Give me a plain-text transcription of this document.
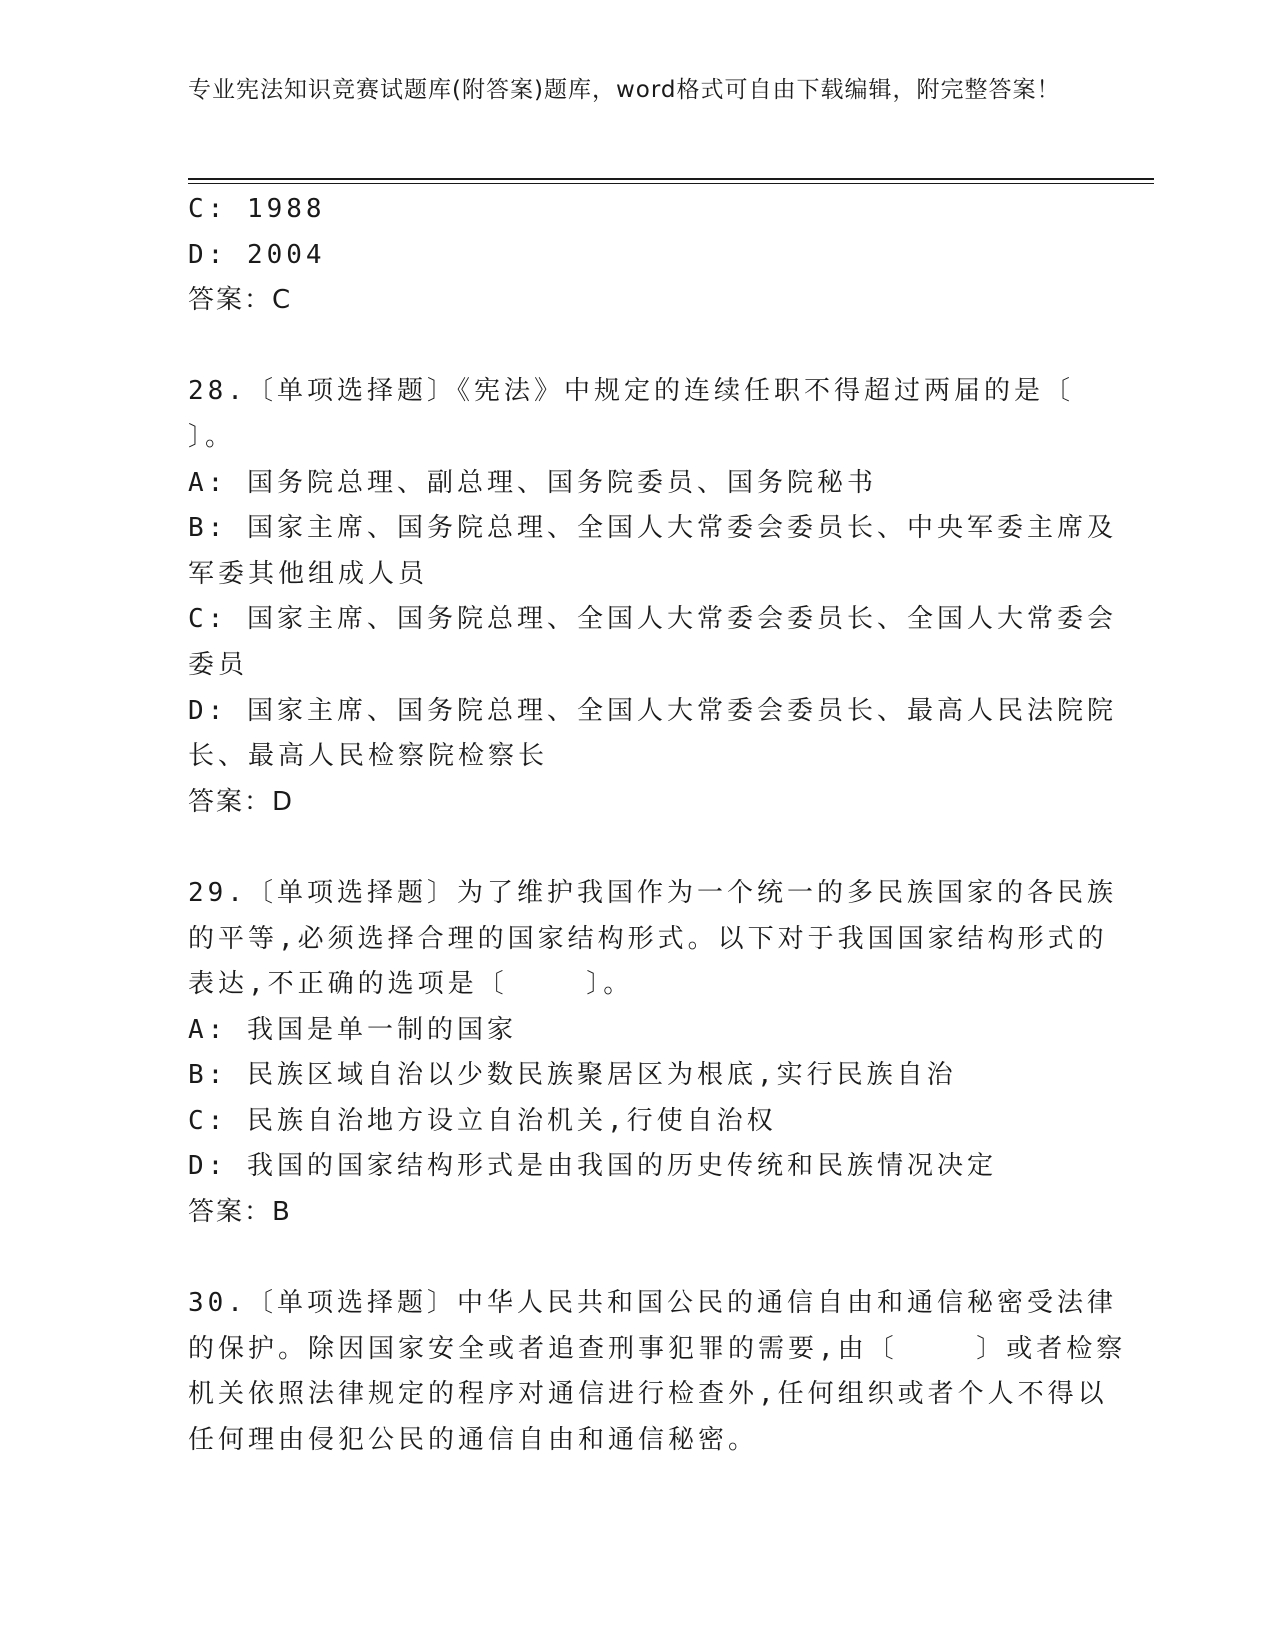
专业宪法知识竞赛试题库(附答案)题库，word格式可自由下载编辑，附完整答案！
C: 1988
D: 2004
答案：C
28.〔单项选择题〕《宪法》中规定的连续任职不得超过两届的是〔
〕。
A: 国务院总理、副总理、国务院委员、国务院秘书
B: 国家主席、国务院总理、全国人大常委会委员长、中央军委主席及
军委其他组成人员
C: 国家主席、国务院总理、全国人大常委会委员长、全国人大常委会
委员
D: 国家主席、国务院总理、全国人大常委会委员长、最高人民法院院
长、最高人民检察院检察长
答案：D
29.〔单项选择题〕为了维护我国作为一个统一的多民族国家的各民族
的平等,必须选择合理的国家结构形式。以下对于我国国家结构形式的
表达,不正确的选项是〔    〕。
A: 我国是单一制的国家
B: 民族区域自治以少数民族聚居区为根底,实行民族自治
C: 民族自治地方设立自治机关,行使自治权
D: 我国的国家结构形式是由我国的历史传统和民族情况决定
答案：B
30.〔单项选择题〕中华人民共和国公民的通信自由和通信秘密受法律
的保护。除因国家安全或者追查刑事犯罪的需要,由〔    〕或者检察
机关依照法律规定的程序对通信进行检查外,任何组织或者个人不得以
任何理由侵犯公民的通信自由和通信秘密。
